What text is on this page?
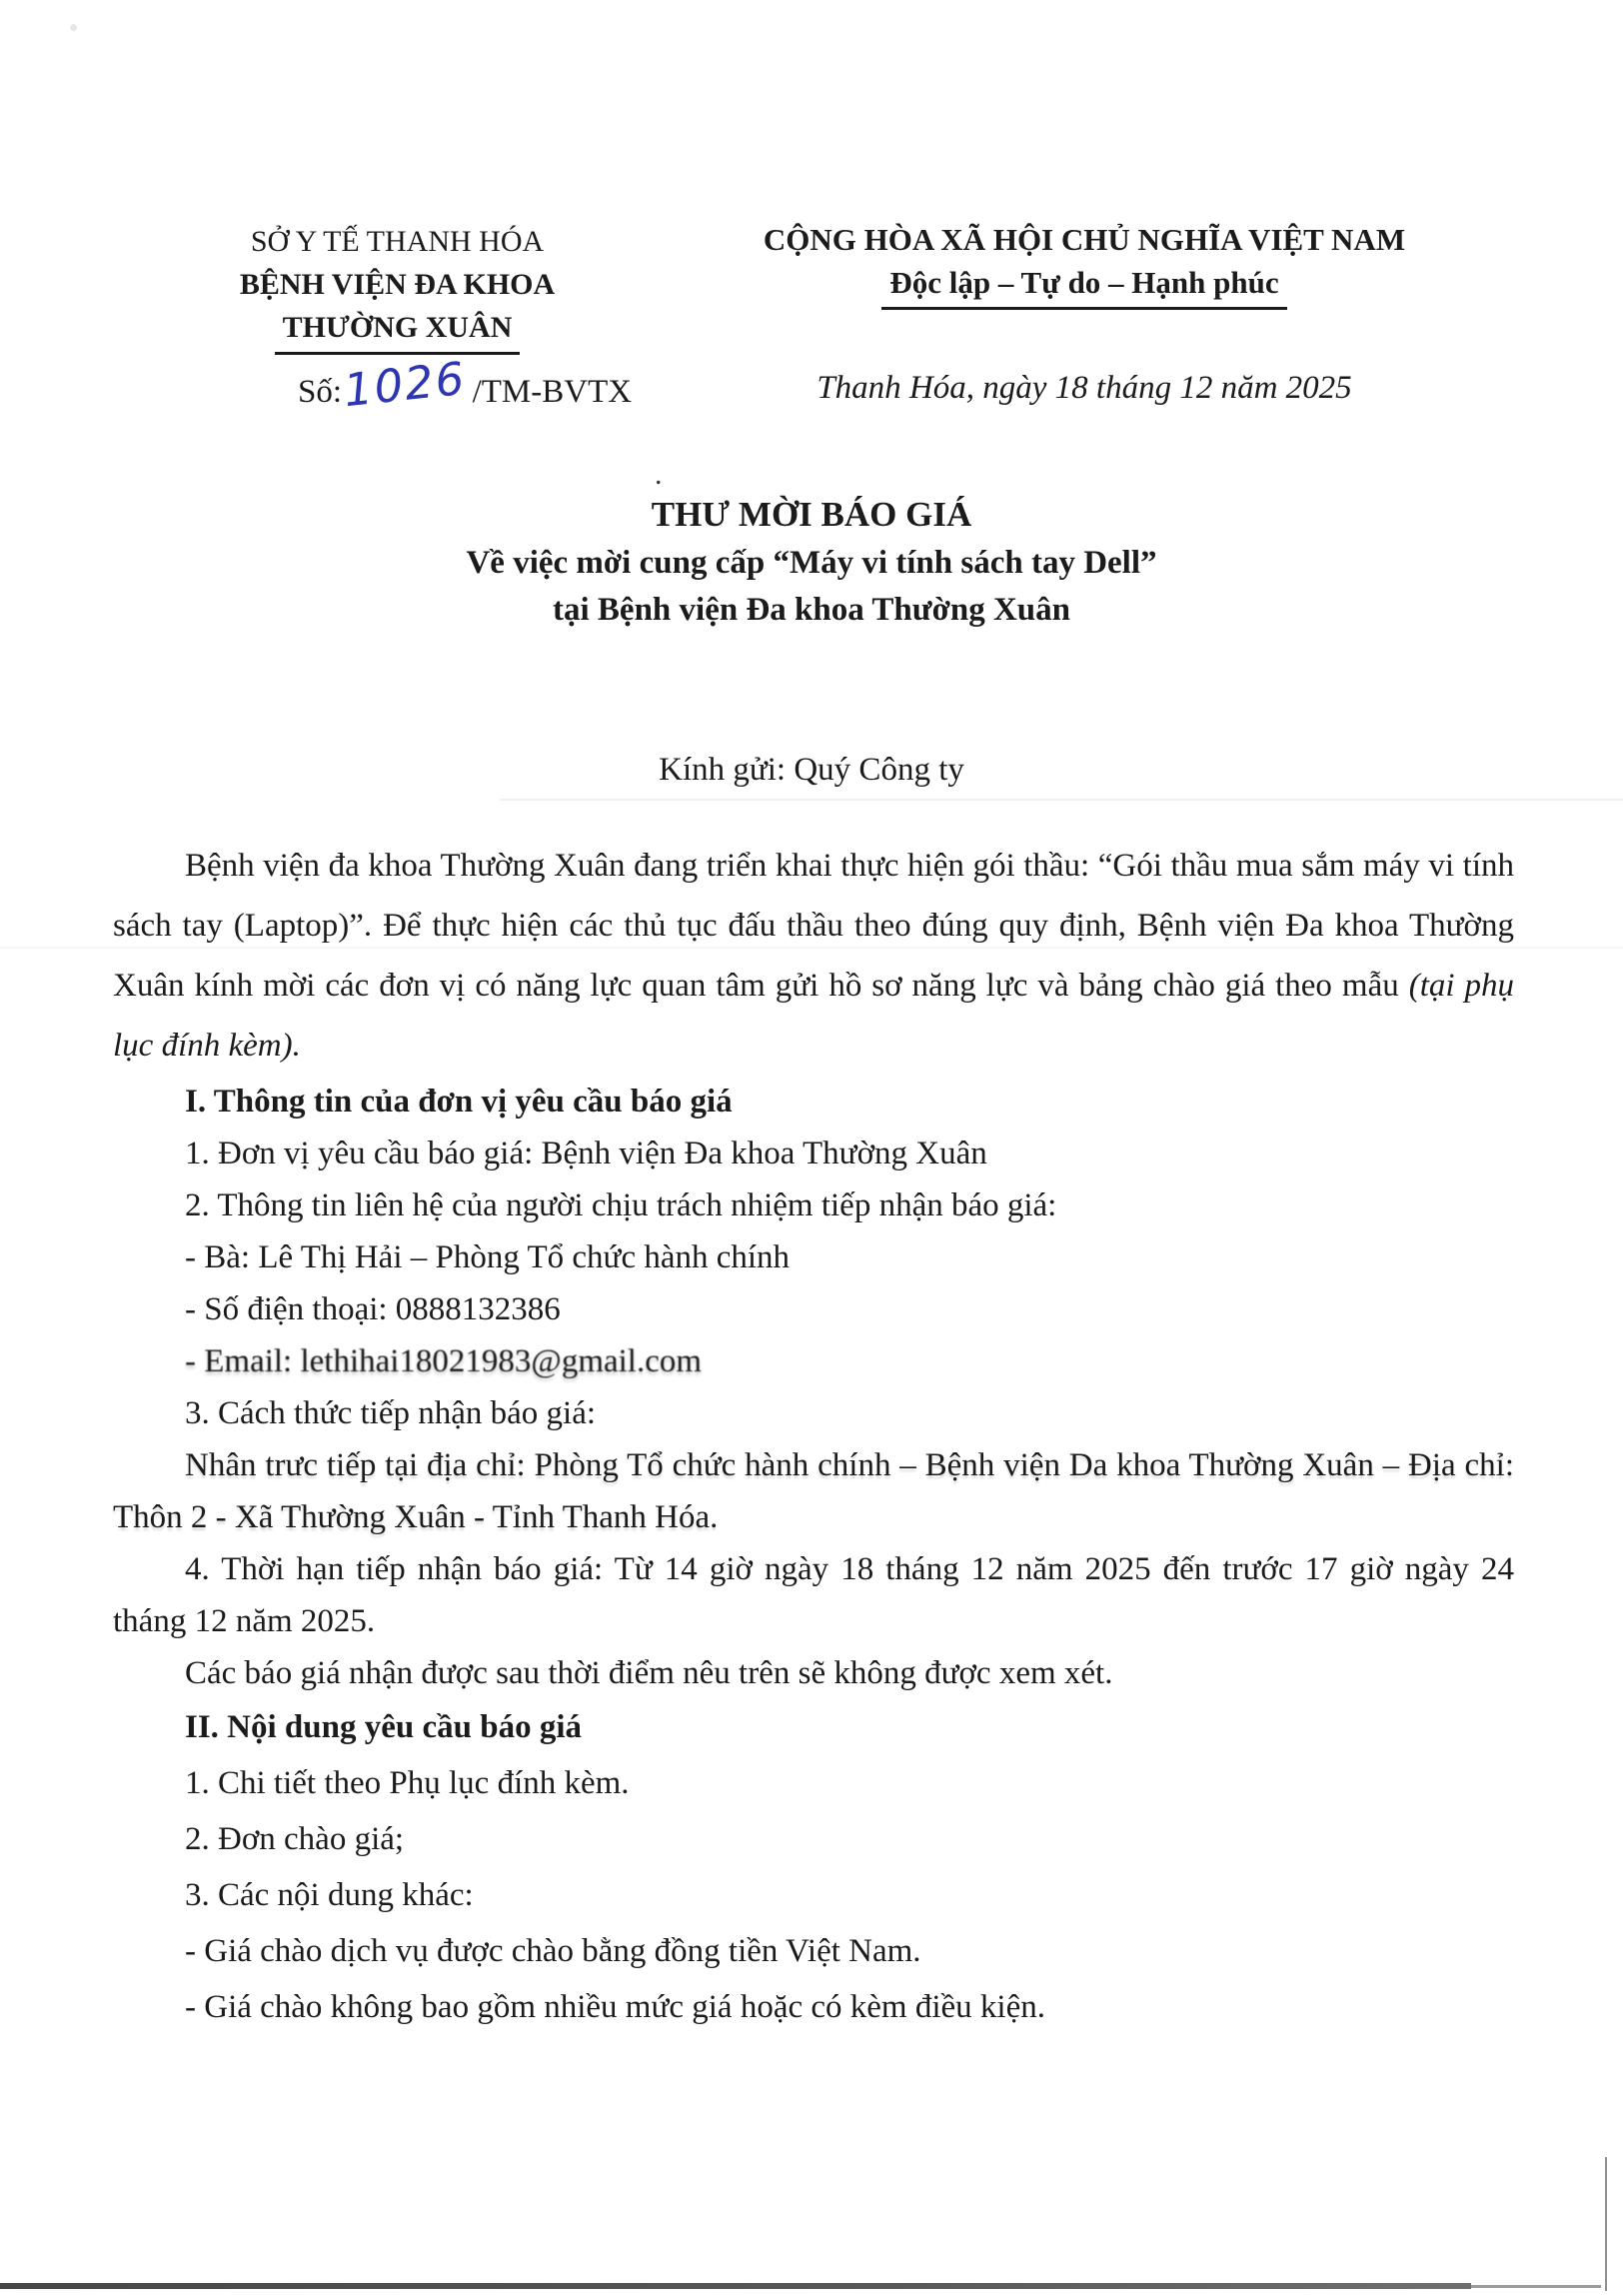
SỞ Y TẾ THANH HÓA
BỆNH VIỆN ĐA KHOA
THƯỜNG XUÂN
Số:1026 /TM-BVTX
CỘNG HÒA XÃ HỘI CHỦ NGHĨA VIỆT NAM
Độc lập – Tự do – Hạnh phúc
Thanh Hóa, ngày 18 tháng 12 năm 2025
.
THƯ MỜI BÁO GIÁ
Về việc mời cung cấp “Máy vi tính sách tay Dell”
tại Bệnh viện Đa khoa Thường Xuân
Kính gửi: Quý Công ty

Bệnh viện đa khoa Thường Xuân đang triển khai thực hiện gói thầu: “Gói thầu mua sắm máy vi tính sách tay (Laptop)”. Để thực hiện các thủ tục đấu thầu theo đúng quy định, Bệnh viện Đa khoa Thường Xuân kính mời các đơn vị có năng lực quan tâm gửi hồ sơ năng lực và bảng chào giá theo mẫu (tại phụ lục đính kèm).

I. Thông tin của đơn vị yêu cầu báo giá
1. Đơn vị yêu cầu báo giá: Bệnh viện Đa khoa Thường Xuân
2. Thông tin liên hệ của người chịu trách nhiệm tiếp nhận báo giá:
- Bà: Lê Thị Hải – Phòng Tổ chức hành chính
- Số điện thoại: 0888132386
- Email: lethihai18021983@gmail.com
3. Cách thức tiếp nhận báo giá:
Nhân trưc tiếp tại địa chỉ: Phòng Tổ chức hành chính – Bệnh viện Da khoa Thường Xuân – Địa chỉ: Thôn 2 - Xã Thường Xuân - Tỉnh Thanh Hóa.
4. Thời hạn tiếp nhận báo giá: Từ 14 giờ ngày 18 tháng 12 năm 2025 đến trước 17 giờ ngày 24 tháng 12 năm 2025.
Các báo giá nhận được sau thời điểm nêu trên sẽ không được xem xét.
II. Nội dung yêu cầu báo giá
1. Chi tiết theo Phụ lục đính kèm.
2. Đơn chào giá;
3. Các nội dung khác:
- Giá chào dịch vụ được chào bằng đồng tiền Việt Nam.
- Giá chào không bao gồm nhiều mức giá hoặc có kèm điều kiện.
